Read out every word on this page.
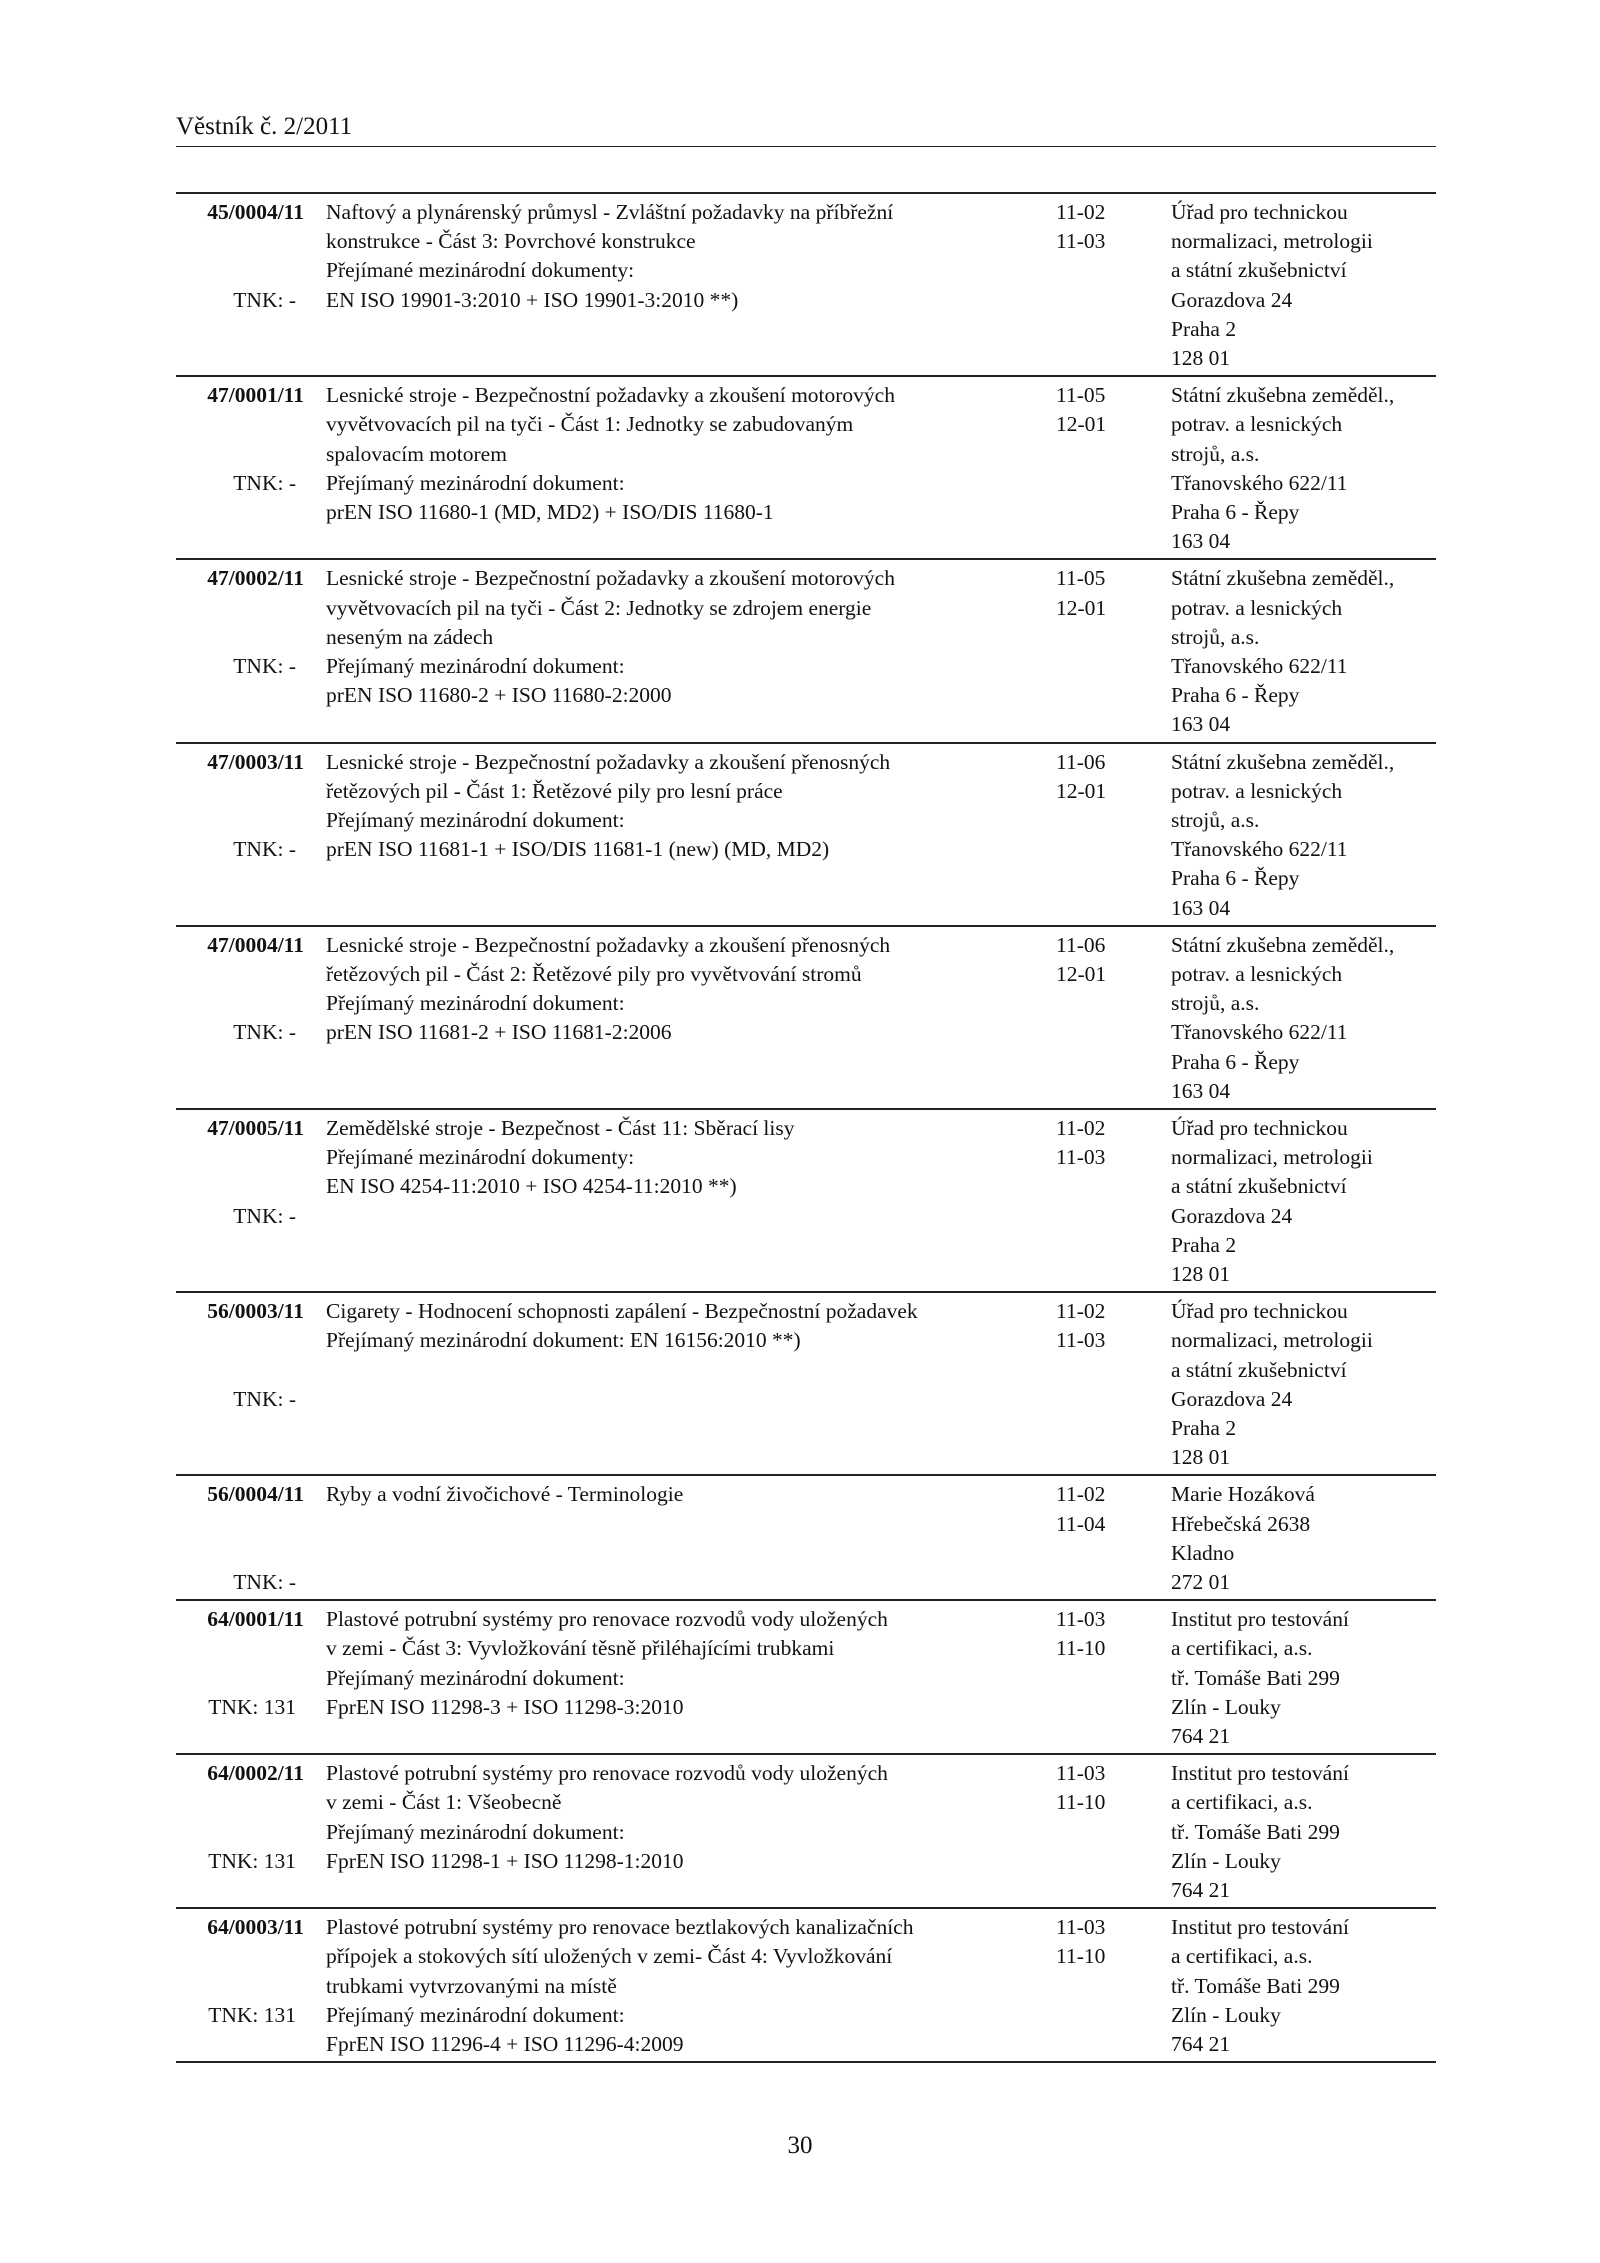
Věstník č. 2/2011
45/0004/11
TNK: -
Naftový a plynárenský průmysl - Zvláštní požadavky na příbřežní
konstrukce - Část 3: Povrchové konstrukce
Přejímané mezinárodní dokumenty:
EN ISO 19901-3:2010 + ISO 19901-3:2010 **)
11-02
11-03
Úřad pro technickou
normalizaci, metrologii
a státní zkušebnictví
Gorazdova 24
Praha 2
128 01
47/0001/11
TNK: -
Lesnické stroje - Bezpečnostní požadavky a zkoušení motorových
vyvětvovacích pil na tyči - Část 1: Jednotky se zabudovaným
spalovacím motorem
Přejímaný mezinárodní dokument:
prEN ISO 11680-1 (MD, MD2) + ISO/DIS 11680-1
11-05
12-01
Státní zkušebna zeměděl.,
potrav. a lesnických
strojů, a.s.
Třanovského 622/11
Praha 6 - Řepy
163 04
47/0002/11
TNK: -
Lesnické stroje - Bezpečnostní požadavky a zkoušení motorových
vyvětvovacích pil na tyči - Část 2: Jednotky se zdrojem energie
neseným na zádech
Přejímaný mezinárodní dokument:
prEN ISO 11680-2 + ISO 11680-2:2000
11-05
12-01
Státní zkušebna zeměděl.,
potrav. a lesnických
strojů, a.s.
Třanovského 622/11
Praha 6 - Řepy
163 04
47/0003/11
TNK: -
Lesnické stroje - Bezpečnostní požadavky a zkoušení přenosných
řetězových pil - Část 1: Řetězové pily pro lesní práce
Přejímaný mezinárodní dokument:
prEN ISO 11681-1 + ISO/DIS 11681-1 (new) (MD, MD2)
11-06
12-01
Státní zkušebna zeměděl.,
potrav. a lesnických
strojů, a.s.
Třanovského 622/11
Praha 6 - Řepy
163 04
47/0004/11
TNK: -
Lesnické stroje - Bezpečnostní požadavky a zkoušení přenosných
řetězových pil - Část 2: Řetězové pily pro vyvětvování stromů
Přejímaný mezinárodní dokument:
prEN ISO 11681-2 + ISO 11681-2:2006
11-06
12-01
Státní zkušebna zeměděl.,
potrav. a lesnických
strojů, a.s.
Třanovského 622/11
Praha 6 - Řepy
163 04
47/0005/11
TNK: -
Zemědělské stroje - Bezpečnost - Část 11: Sběrací lisy
Přejímané mezinárodní dokumenty:
EN ISO 4254-11:2010 + ISO 4254-11:2010 **)
11-02
11-03
Úřad pro technickou
normalizaci, metrologii
a státní zkušebnictví
Gorazdova 24
Praha 2
128 01
56/0003/11
TNK: -
Cigarety - Hodnocení schopnosti zapálení - Bezpečnostní požadavek
Přejímaný mezinárodní dokument: EN 16156:2010 **)
11-02
11-03
Úřad pro technickou
normalizaci, metrologii
a státní zkušebnictví
Gorazdova 24
Praha 2
128 01
56/0004/11
TNK: -
Ryby a vodní živočichové - Terminologie	11-02
11-04
Marie Hozáková
Hřebečská 2638
Kladno
272 01
64/0001/11
TNK: 131
Plastové potrubní systémy pro renovace rozvodů vody uložených
v zemi - Část 3: Vyvložkování těsně přiléhajícími trubkami
Přejímaný mezinárodní dokument:
FprEN ISO 11298-3 + ISO 11298-3:2010
11-03
11-10
Institut pro testování
a certifikaci, a.s.
tř. Tomáše Bati 299
Zlín - Louky
764 21
64/0002/11
TNK: 131
Plastové potrubní systémy pro renovace rozvodů vody uložených
v zemi - Část 1: Všeobecně
Přejímaný mezinárodní dokument:
FprEN ISO 11298-1 + ISO 11298-1:2010
11-03
11-10
Institut pro testování
a certifikaci, a.s.
tř. Tomáše Bati 299
Zlín - Louky
764 21
64/0003/11
TNK: 131
Plastové potrubní systémy pro renovace beztlakových kanalizačních
přípojek a stokových sítí uložených v zemi- Část 4: Vyvložkování
trubkami vytvrzovanými na místě
Přejímaný mezinárodní dokument:
FprEN ISO 11296-4 + ISO 11296-4:2009
11-03
11-10
Institut pro testování
a certifikaci, a.s.
tř. Tomáše Bati 299
Zlín - Louky
764 21
30
